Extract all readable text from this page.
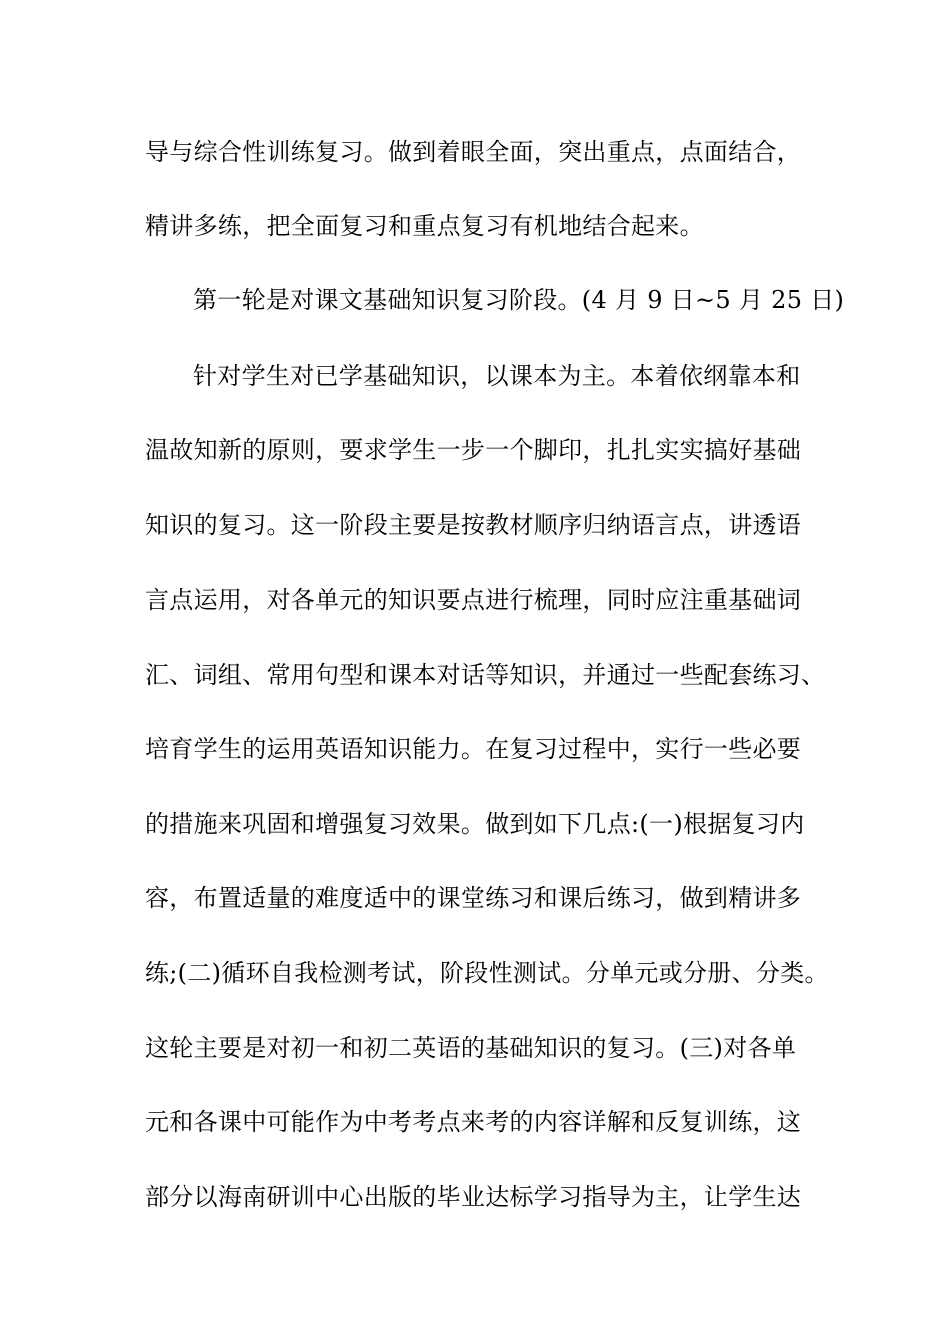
导与综合性训练复习。做到着眼全面，突出重点，点面结合，
精讲多练，把全面复习和重点复习有机地结合起来。
第一轮是对课文基础知识复习阶段。(4 月 9 日~5 月 25 日)
针对学生对已学基础知识，以课本为主。本着依纲靠本和
温故知新的原则，要求学生一步一个脚印，扎扎实实搞好基础
知识的复习。这一阶段主要是按教材顺序归纳语言点，讲透语
言点运用，对各单元的知识要点进行梳理，同时应注重基础词
汇、词组、常用句型和课本对话等知识，并通过一些配套练习、
培育学生的运用英语知识能力。在复习过程中，实行一些必要
的措施来巩固和增强复习效果。做到如下几点:(一)根据复习内
容，布置适量的难度适中的课堂练习和课后练习，做到精讲多
练;(二)循环自我检测考试，阶段性测试。分单元或分册、分类。
这轮主要是对初一和初二英语的基础知识的复习。(三)对各单
元和各课中可能作为中考考点来考的内容详解和反复训练，这
部分以海南研训中心出版的毕业达标学习指导为主，让学生达
